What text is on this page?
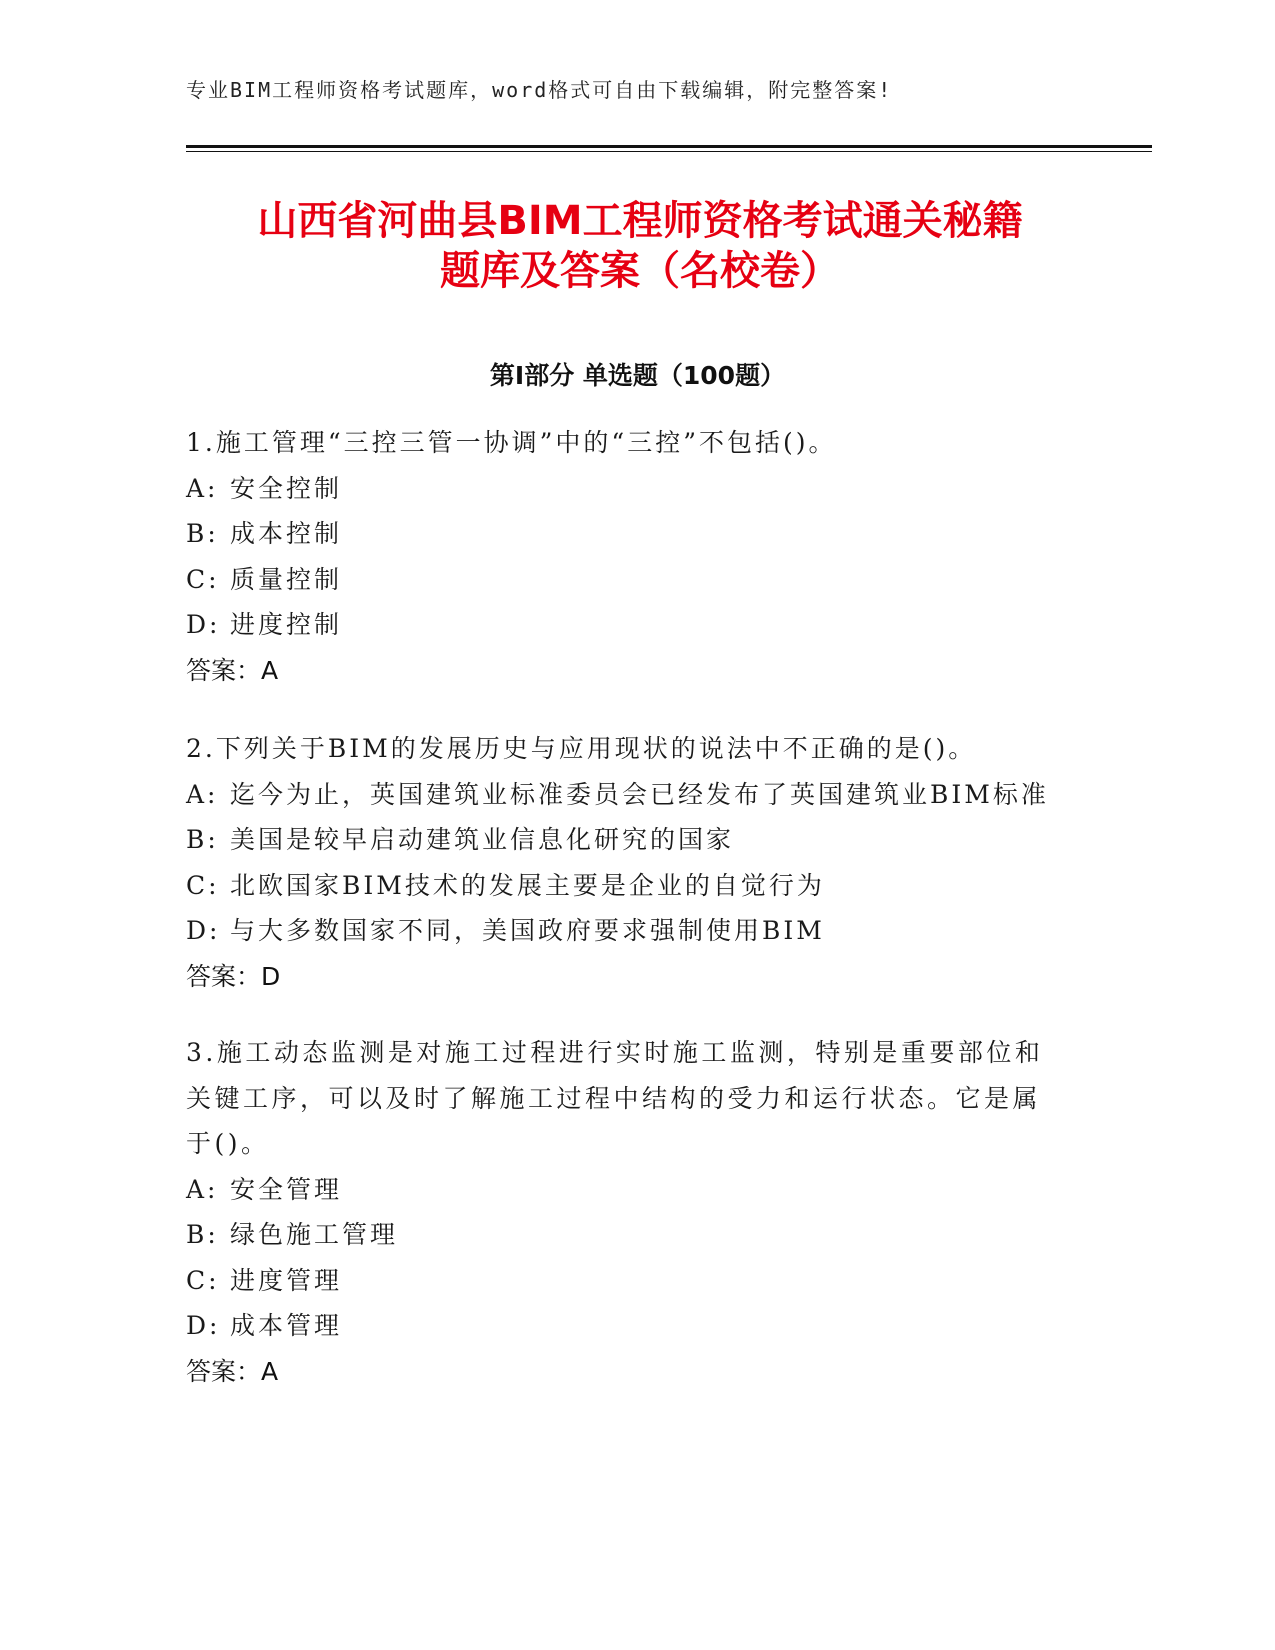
专业BIM工程师资格考试题库，word格式可自由下载编辑，附完整答案!
山西省河曲县BIM工程师资格考试通关秘籍
题库及答案（名校卷）
第I部分 单选题（100题）
1.施工管理“三控三管一协调”中的“三控”不包括()。
A: 安全控制
B: 成本控制
C: 质量控制
D: 进度控制
答案：A
2.下列关于BIM的发展历史与应用现状的说法中不正确的是()。
A: 迄今为止，英国建筑业标准委员会已经发布了英国建筑业BIM标准
B: 美国是较早启动建筑业信息化研究的国家
C: 北欧国家BIM技术的发展主要是企业的自觉行为
D: 与大多数国家不同，美国政府要求强制使用BIM
答案：D
3.施工动态监测是对施工过程进行实时施工监测，特别是重要部位和关键工序，可以及时了解施工过程中结构的受力和运行状态。它是属于()。
A: 安全管理
B: 绿色施工管理
C: 进度管理
D: 成本管理
答案：A
